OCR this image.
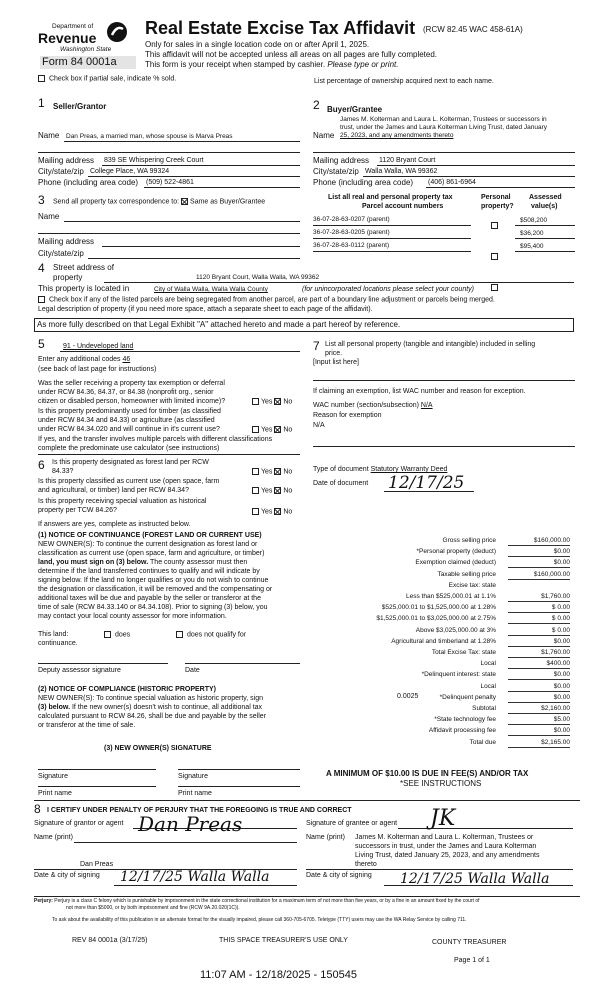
Department of
Revenue
Washington State
Form 84 0001a
Real Estate Excise Tax Affidavit (RCW 82.45 WAC 458-61A)
Only for sales in a single location code on or after April 1, 2025.
This affidavit will not be accepted unless all areas on all pages are fully completed.
This form is your receipt when stamped by cashier. Please type or print.
Check box if partial sale, indicate % sold.	List percentage of ownership acquired next to each name.
1 Seller/Grantor
Name Dan Preas, a married man, whose spouse is Marva Preas
Mailing address 839 SE Whispering Creek Court
City/state/zip College Place, WA 99324
Phone (including area code) (509) 522-4861
2 Buyer/Grantee
James M. Kolterman and Laura L. Kolterman, Trustees or successors in
trust, under the James and Laura Kolterman Living Trust, dated January
Name 25, 2023, and any amendments thereto
Mailing address 1120 Bryant Court
City/state/zip Walla Walla, WA 99362
Phone (including area code) (406) 861-6964
3 Send all property tax correspondence to: Same as Buyer/Grantee
Name
Mailing address
City/state/zip
List all real and personal property tax
Parcel account numbers
Personal
property?
Assessed
value(s)
36-07-28-63-0207 (parent)	$508,200
36-07-28-63-0205 (parent)	$36,200
36-07-28-63-0112 (parent)	$95,400
4 Street address of
property	1120 Bryant Court, Walla Walla, WA 99362
This property is located in	City of Walla Walla, Walla Walla County	(for unincorporated locations please select your county)
Check box if any of the listed parcels are being segregated from another parcel, are part of a boundary line adjustment or parcels being merged.
Legal description of property (if you need more space, attach a separate sheet to each page of the affidavit).
As more fully described on that Legal Exhibit "A" attached hereto and made a part hereof by reference.
5	91 - Undeveloped land
Enter any additional codes 46
(see back of last page for instructions)
Was the seller receiving a property tax exemption or deferral
under RCW 84.36, 84.37, or 84.38 (nonprofit org., senior
citizen or disabled person, homeowner with limited income)?	Yes No
Is this property predominantly used for timber (as classified
under RCW 84.34 and 84.33) or agriculture (as classified
under RCW 84.34.020 and will continue in it's current use?	Yes No
If yes, and the transfer involves multiple parcels with different classifications
complete the predominate use calculator (see instructions)
6 Is this property designated as forest land per RCW
84.33?	Yes No
Is this property classified as current use (open space, farm
and agricultural, or timber) land per RCW 84.34?	Yes No
Is this property receiving special valuation as historical
property per TCW 84.26?	Yes No
If answers are yes, complete as instructed below.
(1) NOTICE OF CONTINUANCE (FOREST LAND OR CURRENT USE)
NEW OWNER(S): To continue the current designation as forest land or
classification as current use (open space, farm and agriculture, or timber)
land, you must sign on (3) below. The county assessor must then
determine if the land transferred continues to qualify and will indicate by
signing below. If the land no longer qualifies or you do not wish to continue
the designation or classification, it will be removed and the compensating or
additional taxes will be due and payable by the seller or transferor at the
time of sale (RCW 84.33.140 or 84.34.108). Prior to signing (3) below, you
may contact your local county assessor for more information.
This land:	does	does not qualify for
continuance.
Deputy assessor signature	Date
(2) NOTICE OF COMPLIANCE (HISTORIC PROPERTY)
NEW OWNER(S): To continue special valuation as historic property, sign
(3) below. If the new owner(s) doesn't wish to continue, all additional tax
calculated pursuant to RCW 84.26, shall be due and payable by the seller
or transferor at the time of sale.
(3) NEW OWNER(S) SIGNATURE
Signature	Signature
Print name	Print name
7 List all personal property (tangible and intangible) included in selling
price.
[Input list here]
If claiming an exemption, list WAC number and reason for exception.
WAC number (section/subsection) N/A
Reason for exemption
N/A
Type of document Statutory Warranty Deed
Date of document 12/17/25
Gross selling price	$160,000.00
*Personal property (deduct)	$0.00
Exemption claimed (deduct)	$0.00
Taxable selling price	$160,000.00
Excise tax: state
Less than $525,000.01 at 1.1%	$1,760.00
$525,000.01 to $1,525,000.00 at 1.28%	$ 0.00
$1,525,000.01 to $3,025,000.00 at 2.75%	$ 0.00
Above $3,025,000.00 at 3%	$ 0.00
Agricultural and timberland at 1.28%	$0.00
Total Excise Tax: state	$1,760.00
Local	$400.00
*Delinquent interest: state	$0.00
Local	$0.00
*Delinquent penalty	$0.00
Subtotal	$2,160.00
*State technology fee	$5.00
Affidavit processing fee	$0.00
Total due	$2,165.00
0.0025
A MINIMUM OF $10.00 IS DUE IN FEE(S) AND/OR TAX
*SEE INSTRUCTIONS
8 I CERTIFY UNDER PENALTY OF PERJURY THAT THE FOREGOING IS TRUE AND CORRECT
Signature of grantor or agent Dan Preas
Name (print)
Dan Preas
Date & city of signing 12/17/25 Walla Walla
Signature of grantee or agent JK
Name (print) James M. Kolterman and Laura L. Kolterman, Trustees or
successors in trust, under the James and Laura Kolterman
Living Trust, dated January 25, 2023, and any amendments
thereto
Date & city of signing 12/17/25 Walla Walla
Perjury: Perjury is a class C felony which is punishable by imprisonment in the state correctional institution for a maximum term of not more than five years, or by a fine in an amount fixed by the court of
not more than $5000, or by both imprisonment and fine (RCW 9A.20.020(1C)).
To ask about the availability of this publication in an alternate format for the visually impaired, please call 360-705-6705. Teletype (TTY) users may use the WA Relay Service by calling 711.
REV 84 0001a (3/17/25)	THIS SPACE TREASURER'S USE ONLY	COUNTY TREASURER
Page 1 of 1
11:07 AM - 12/18/2025 - 150545
